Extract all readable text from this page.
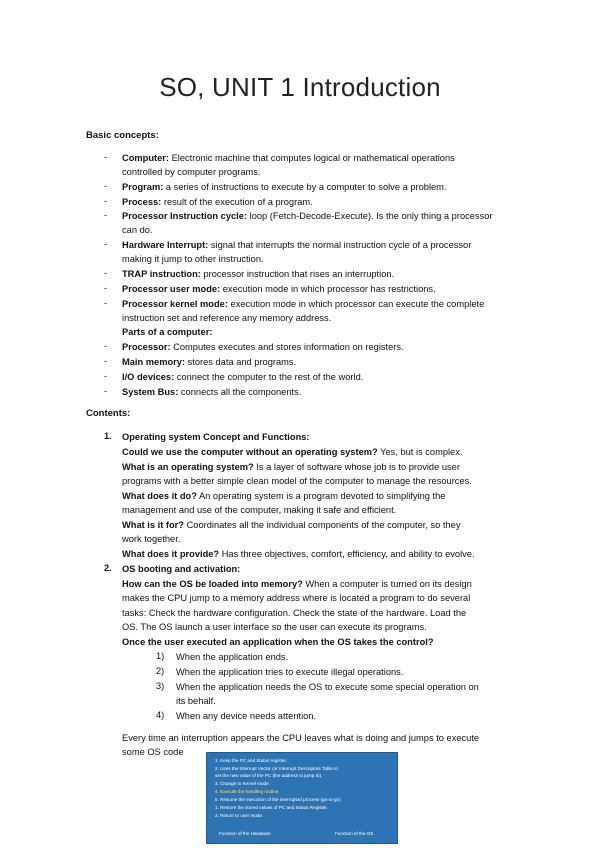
SO, UNIT 1 Introduction
Basic concepts:
- Computer: Electronic machine that computes logical or mathematical operations
controlled by computer programs.
- Program: a series of instructions to execute by a computer to solve a problem.
- Process: result of the execution of a program.
- Processor Instruction cycle: loop (Fetch-Decode-Execute). Is the only thing a processor
can do.
- Hardware Interrupt: signal that interrupts the normal instruction cycle of a processor
making it jump to other instruction.
- TRAP instruction: processor instruction that rises an interruption.
- Processor user mode: execution mode in which processor has restrictions.
- Processor kernel mode: execution mode in which processor can execute the complete
instruction set and reference any memory address.
Parts of a computer:
- Processor: Computes executes and stores information on registers.
- Main memory: stores data and programs.
- I/O devices: connect the computer to the rest of the world.
- System Bus: connects all the components.
Contents:
1. Operating system Concept and Functions:
Could we use the computer without an operating system? Yes, but is complex.
What is an operating system? Is a layer of software whose job is to provide user
programs with a better simple clean model of the computer to manage the resources.
What does it do? An operating system is a program devoted to simplifying the
management and use of the computer, making it safe and efficient.
What is it for? Coordinates all the individual components of the computer, so they
work together.
What does it provide? Has three objectives, comfort, efficiency, and ability to evolve.
2. OS booting and activation:
How can the OS be loaded into memory? When a computer is turned on its design
makes the CPU jump to a memory address where is located a program to do several
tasks: Check the hardware configuration. Check the state of the hardware. Load the
OS. The OS launch a user interface so the user can execute its programs.
Once the user executed an application when the OS takes the control?
1) When the application ends.
2) When the application tries to execute illegal operations.
3) When the application needs the OS to execute some special operation on
its behalf.
4) When any device needs attention.
Every time an interruption appears the CPU leaves what is doing and jumps to execute
some OS code
1. Keep the PC and Status register.
2. Uses the Interrupt Vector (or Interrupt Descriptors Table to
set the new value of the PC (the address to jump to).
3. Change to Kernel mode.
4. Execute the handling routine.
5. Resume the execution of the interrupted process (go-to-go)
1. Restore the stored values of PC and Status Register.
2. Return to user mode.
Function of the Hardware	Function of the OS
